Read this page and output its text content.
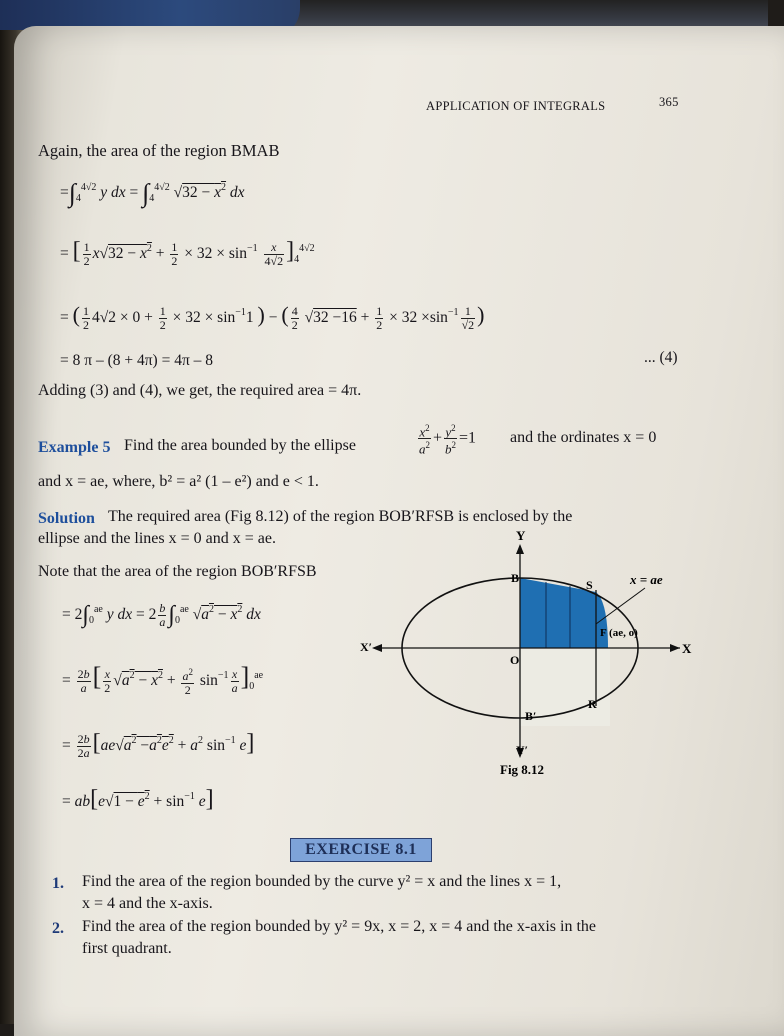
APPLICATION OF INTEGRALS	365
Again, the area of the region BMAB
$=\int_4^{4√2}$ y dx = $\int_4^{4√2}$ $√32 - x^2$ dx
= [ $\frac{1}{2} x√32 - x^2 + \frac{1}{2} \times 32 \times \sin^{-1} \frac{x}{4√2} ]_4^{4√2}$
= ( $\frac{1}{2} 4√2 \times 0 + \frac{1}{2} \times 32 \times \sin^{-1}1$ ) − ( $\frac{4}{2} √32 -16 + \frac{1}{2} \times 32 \times\sin^{-1} \frac{1}{√2}$ )
= 8 π – (8 + 4π) = 4π – 8	... (4)
Adding (3) and (4), we get, the required area = 4π.
Example 5 Find the area bounded by the ellipse	$\frac{x^2}{a^2} + \frac{y^2}{b^2} =1$ and the ordinates x = 0
and x = ae, where, b² = a² (1 – e²) and e < 1.
Solution The required area (Fig 8.12) of the region BOB′RFSB is enclosed by the
ellipse and the lines x = 0 and x = ae.
Note that the area of the region BOB′RFSB
= $2\int_0^{ae}$ y dx = $2 \frac{b}{a} \int_0^{ae}$ $√a^2 - x^2$ dx
= $\frac{2b}{a}$ [ $\frac{x}{2} √a^2 - x^2 + \frac{a^2}{2} \sin^{-1} \frac{x}{a} ]_0^{ae}$
= $\frac{2b}{2a} [ae√a^2 -a^2e^2 + a^2$ $\sin^{-1} e$]
= $ab[e√1 - e^2 + \sin^{-1} e]$
Y
B	S	x = ae
F (ae, o)
X′	X
O
R
B′
Y′
Fig 8.12
EXERCISE 8.1
1. Find the area of the region bounded by the curve y² = x and the lines x = 1,
x = 4 and the x-axis.
2. Find the area of the region bounded by y² = 9x, x = 2, x = 4 and the x-axis in the
first quadrant.
